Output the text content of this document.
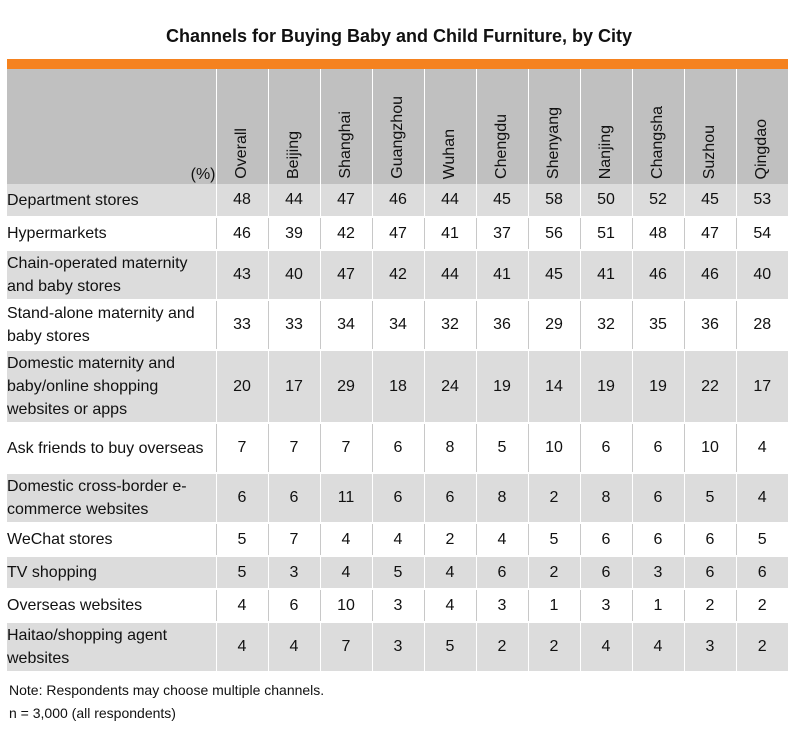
Channels for Buying Baby and Child Furniture, by City
(%)	Overall	Beijing	Shanghai	Guangzhou	Wuhan	Chengdu	Shenyang	Nanjing	Changsha	Suzhou	Qingdao
Department stores	48	44	47	46	44	45	58	50	52	45	53
Hypermarkets	46	39	42	47	41	37	56	51	48	47	54
Chain-operated maternity and baby stores	43	40	47	42	44	41	45	41	46	46	40
Stand-alone maternity and baby stores	33	33	34	34	32	36	29	32	35	36	28
Domestic maternity and baby/online shopping websites or apps	20	17	29	18	24	19	14	19	19	22	17
Ask friends to buy overseas	7	7	7	6	8	5	10	6	6	10	4
Domestic cross-border e-commerce websites	6	6	11	6	6	8	2	8	6	5	4
WeChat stores	5	7	4	4	2	4	5	6	6	6	5
TV shopping	5	3	4	5	4	6	2	6	3	6	6
Overseas websites	4	6	10	3	4	3	1	3	1	2	2
Haitao/shopping agent websites	4	4	7	3	5	2	2	4	4	3	2
Note: Respondents may choose multiple channels.
n = 3,000 (all respondents)
